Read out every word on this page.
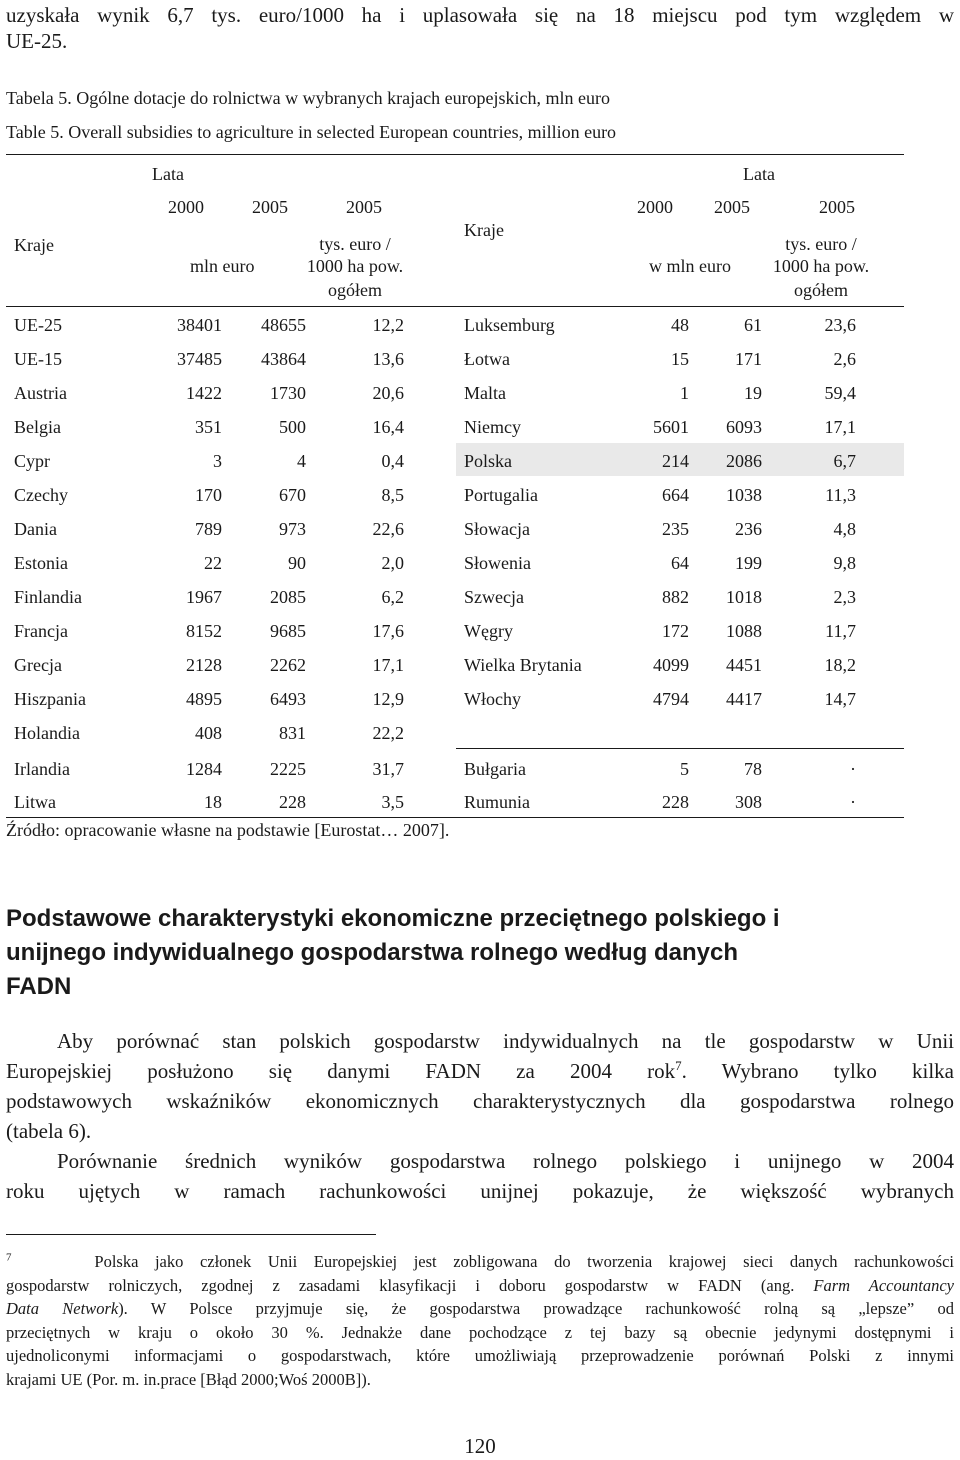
uzyskała wynik 6,7 tys. euro/1000 ha i uplasowała się na 18 miejscu pod tym względem w

UE-25.

Tabela 5. Ogólne dotacje do rolnictwa w wybranych krajach europejskich, mln euro
Table 5. Overall subsidies to agriculture in selected European countries, million euro
Lata
Kraje
2000	2005	2005
mln euro
tys. euro /
1000 ha pow.
ogółem
Lata
Kraje
2000 2005	2005
w mln euro
tys. euro /
1000 ha pow.
ogółem
UE-25	38401	48655	12,2
UE-15	37485	43864	13,6
Austria	1422	1730	20,6
Belgia	351	500	16,4
Cypr	3	4	0,4
Czechy	170	670	8,5
Dania	789	973	22,6
Estonia	22	90	2,0
Finlandia	1967	2085	6,2
Francja	8152	9685	17,6
Grecja	2128	2262	17,1
Hiszpania	4895	6493	12,9
Holandia	408	831	22,2
Irlandia	1284	2225	31,7
Litwa	18	228	3,5
Luksemburg	48	61	23,6
Łotwa	15	171	2,6
Malta	1	19	59,4
Niemcy	5601	6093	17,1
Polska	214	2086	6,7
Portugalia	664	1038	11,3
Słowacja	235	236	4,8
Słowenia	64	199	9,8
Szwecja	882	1018	2,3
Węgry	172	1088	11,7
Wielka Brytania	4099	4451	18,2
Włochy	4794	4417	14,7
Bułgaria	5	78	·
Rumunia	228	308	·
Źródło: opracowanie własne na podstawie [Eurostat… 2007].

Podstawowe charakterystyki ekonomiczne przeciętnego polskiego i

unijnego indywidualnego gospodarstwa rolnego według danych

FADN

Aby porównać stan polskich gospodarstw indywidualnych na tle gospodarstw w Unii

Europejskiej posłużono się danymi FADN za 2004 rok$^7$. Wybrano tylko kilka

podstawowych wskaźników ekonomicznych charakterystycznych dla gospodarstwa rolnego

(tabela 6).

Porównanie średnich wyników gospodarstwa rolnego polskiego i unijnego w 2004

roku ujętych w ramach rachunkowości unijnej pokazuje, że większość wybranych

$^7$	Polska jako członek Unii Europejskiej jest zobligowana do tworzenia krajowej sieci danych rachunkowości

gospodarstw rolniczych, zgodnej z zasadami klasyfikacji i doboru gospodarstw w FADN (ang. Farm Accountancy

Data Network). W Polsce przyjmuje się, że gospodarstwa prowadzące rachunkowość rolną są „lepsze” od

przeciętnych w kraju o około 30 %. Jednakże dane pochodzące z tej bazy są obecnie jedynymi dostępnymi i

ujednoliconymi informacjami o gospodarstwach, które umożliwiają przeprowadzenie porównań Polski z innymi

krajami UE (Por. m. in.prace [Błąd 2000;Woś 2000B]).

120
